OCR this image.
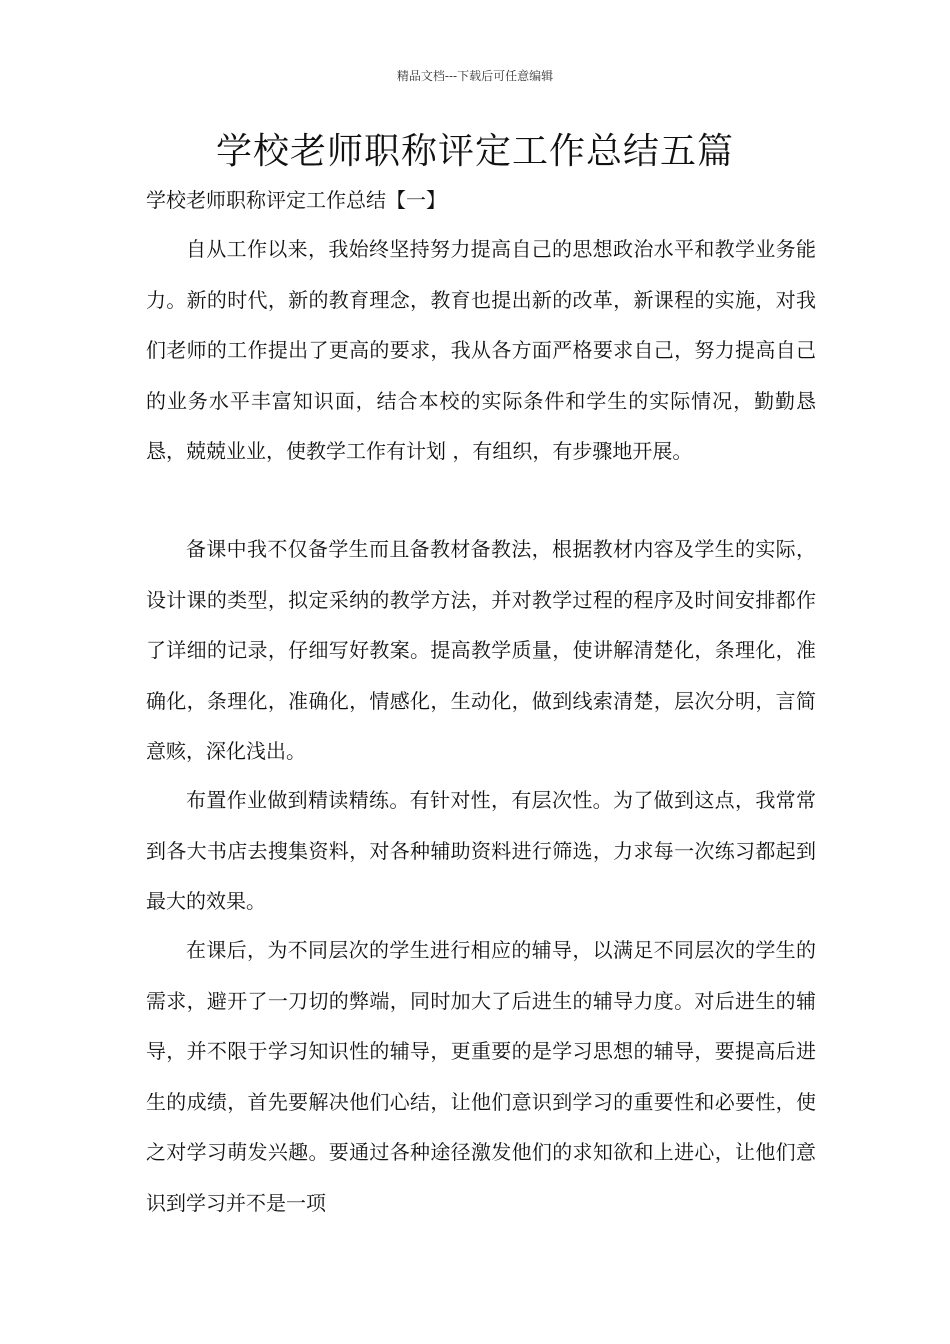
精品文档---下载后可任意编辑
学校老师职称评定工作总结五篇
学校老师职称评定工作总结【一】

自从工作以来，我始终坚持努力提高自己的思想政治水平和教学业务能力。新的时代，新的教育理念，教育也提出新的改革，新课程的实施，对我们老师的工作提出了更高的要求，我从各方面严格要求自己，努力提高自己的业务水平丰富知识面，结合本校的实际条件和学生的实际情况，勤勤恳恳，兢兢业业，使教学工作有计划 ，有组织，有步骤地开展。

备课中我不仅备学生而且备教材备教法，根据教材内容及学生的实际，设计课的类型，拟定采纳的教学方法，并对教学过程的程序及时间安排都作了详细的记录，仔细写好教案。提高教学质量，使讲解清楚化，条理化，准确化，条理化，准确化，情感化，生动化，做到线索清楚，层次分明，言简意赅，深化浅出。

布置作业做到精读精练。有针对性，有层次性。为了做到这点，我常常到各大书店去搜集资料，对各种辅助资料进行筛选，力求每一次练习都起到最大的效果。

在课后，为不同层次的学生进行相应的辅导，以满足不同层次的学生的需求，避开了一刀切的弊端，同时加大了后进生的辅导力度。对后进生的辅导，并不限于学习知识性的辅导，更重要的是学习思想的辅导，要提高后进生的成绩，首先要解决他们心结，让他们意识到学习的重要性和必要性，使之对学习萌发兴趣。要通过各种途径激发他们的求知欲和上进心，让他们意识到学习并不是一项
